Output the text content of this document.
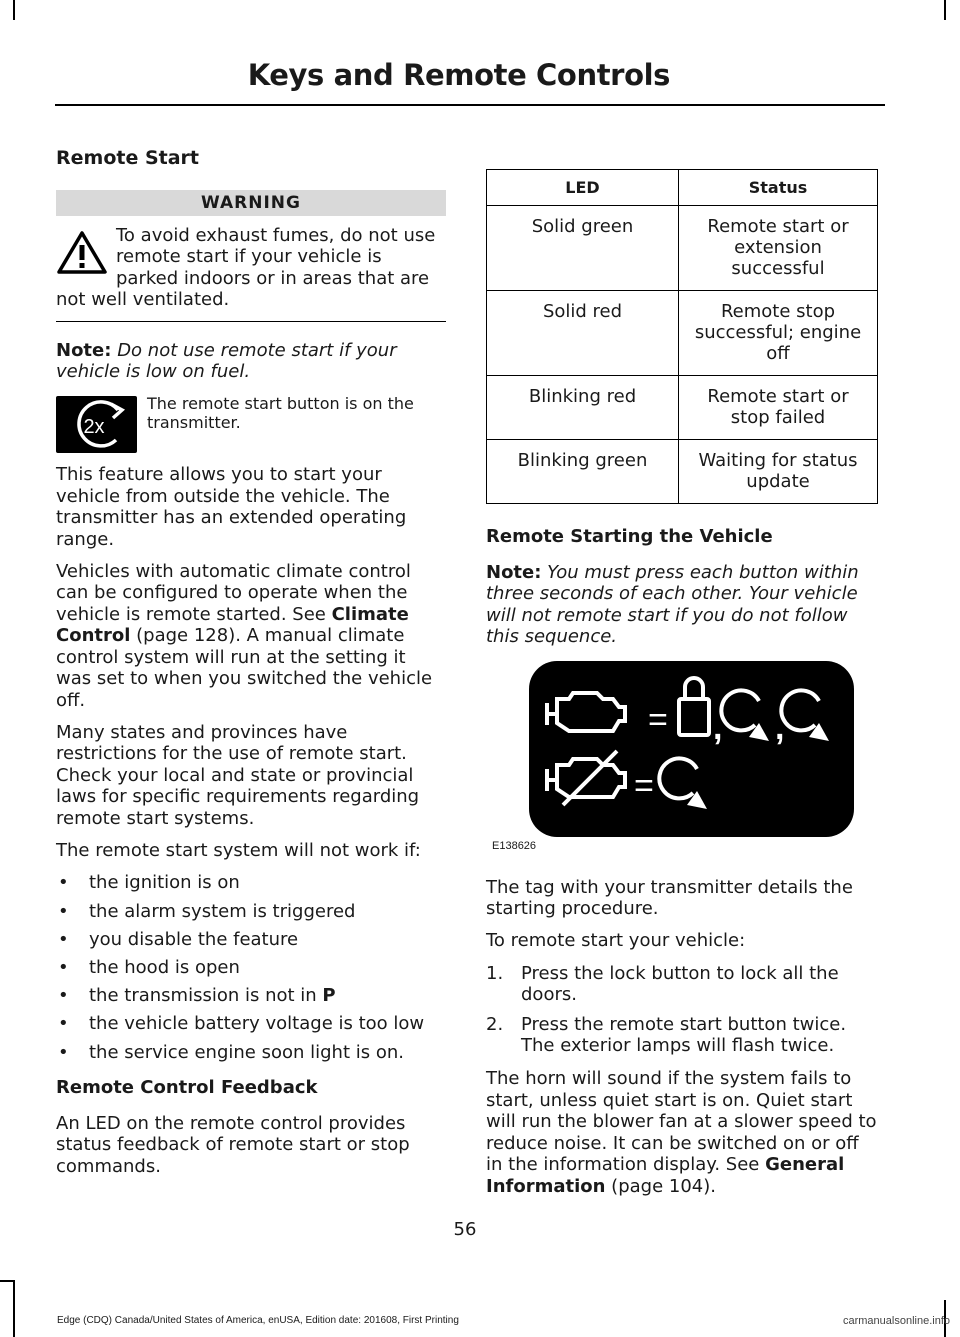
Keys and Remote Controls
Remote Start
WARNING
To avoid exhaust fumes, do not use remote start if your vehicle is parked indoors or in areas that are not well ventilated.

Note: Do not use remote start if your vehicle is low on fuel.

2x
The remote start button is on the transmitter.

This feature allows you to start your vehicle from outside the vehicle. The transmitter has an extended operating range.

Vehicles with automatic climate control can be configured to operate when the vehicle is remote started. See Climate Control (page 128). A manual climate control system will run at the setting it was set to when you switched the vehicle off.

Many states and provinces have restrictions for the use of remote start. Check your local and state or provincial laws for specific requirements regarding remote start systems.

The remote start system will not work if:

• the ignition is on
• the alarm system is triggered
• you disable the feature
• the hood is open
• the transmission is not in P
• the vehicle battery voltage is too low
• the service engine soon light is on.
Remote Control Feedback

An LED on the remote control provides status feedback of remote start or stop commands.

LED	Status
Solid green	Remote start or extension successful
Solid red	Remote stop successful; engine off
Blinking red	Remote start or stop failed
Blinking green	Waiting for status update
Remote Starting the Vehicle

Note: You must press each button within three seconds of each other. Your vehicle will not remote start if you do not follow this sequence.

= , ,
=
E138626

The tag with your transmitter details the starting procedure.

To remote start your vehicle:

1. Press the lock button to lock all the doors.
2. Press the remote start button twice. The exterior lamps will flash twice.

The horn will sound if the system fails to start, unless quiet start is on. Quiet start will run the blower fan at a slower speed to reduce noise. It can be switched on or off in the information display. See General Information (page 104).

56
Edge (CDQ) Canada/United States of America, enUSA, Edition date: 201608, First Printing	carmanualsonline.info
